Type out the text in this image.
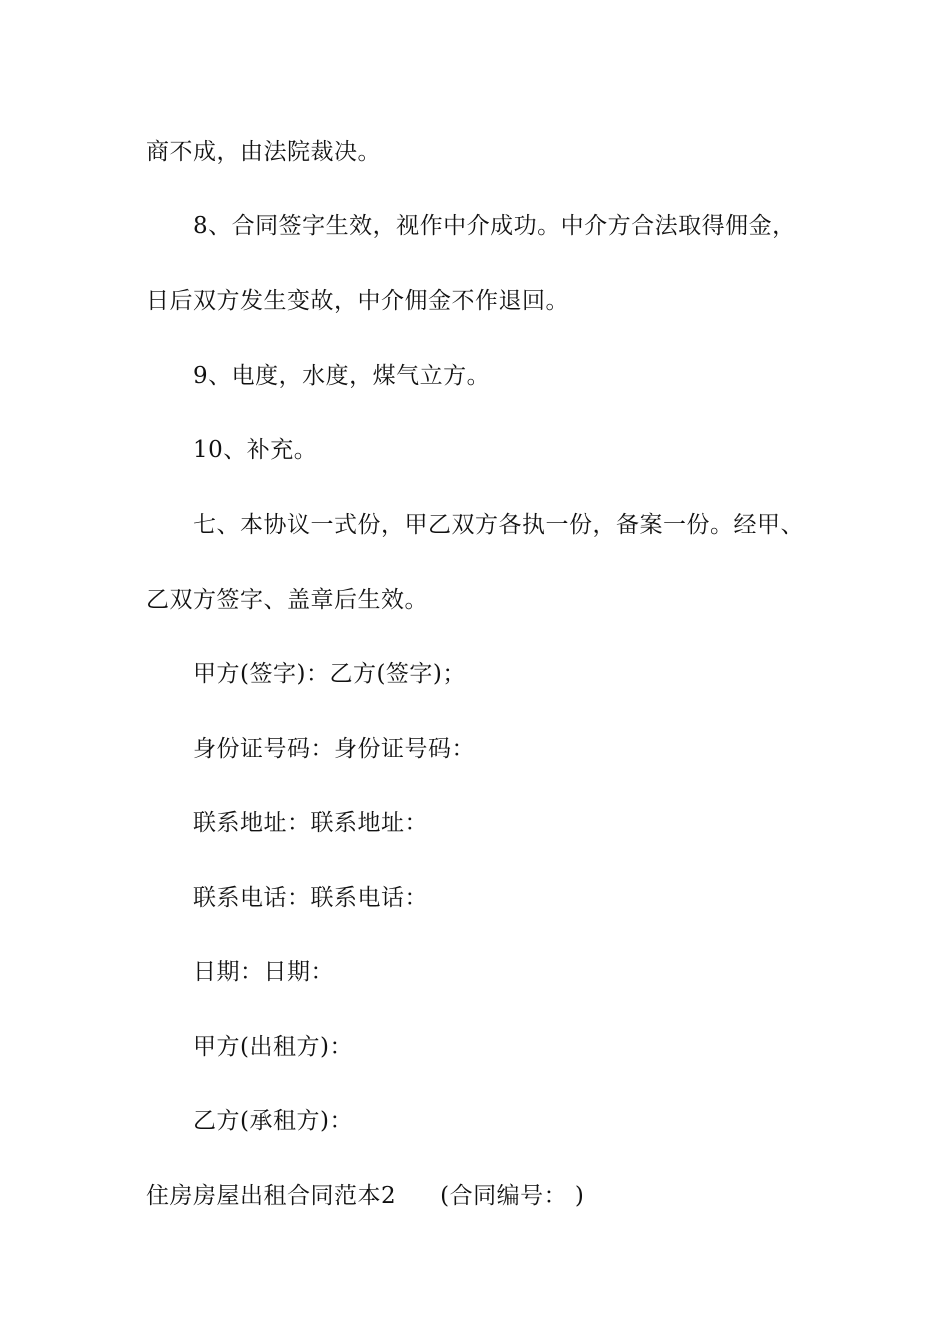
商不成，由法院裁决。
8、合同签字生效，视作中介成功。中介方合法取得佣金，
日后双方发生变故，中介佣金不作退回。
9、电度，水度，煤气立方。
10、补充。
七、本协议一式份，甲乙双方各执一份，备案一份。经甲、
乙双方签字、盖章后生效。
甲方(签字)：乙方(签字)；
身份证号码：身份证号码：
联系地址：联系地址：
联系电话：联系电话：
日期：日期：
甲方(出租方)：
乙方(承租方)：
住房房屋出租合同范本2 (合同编号： )
